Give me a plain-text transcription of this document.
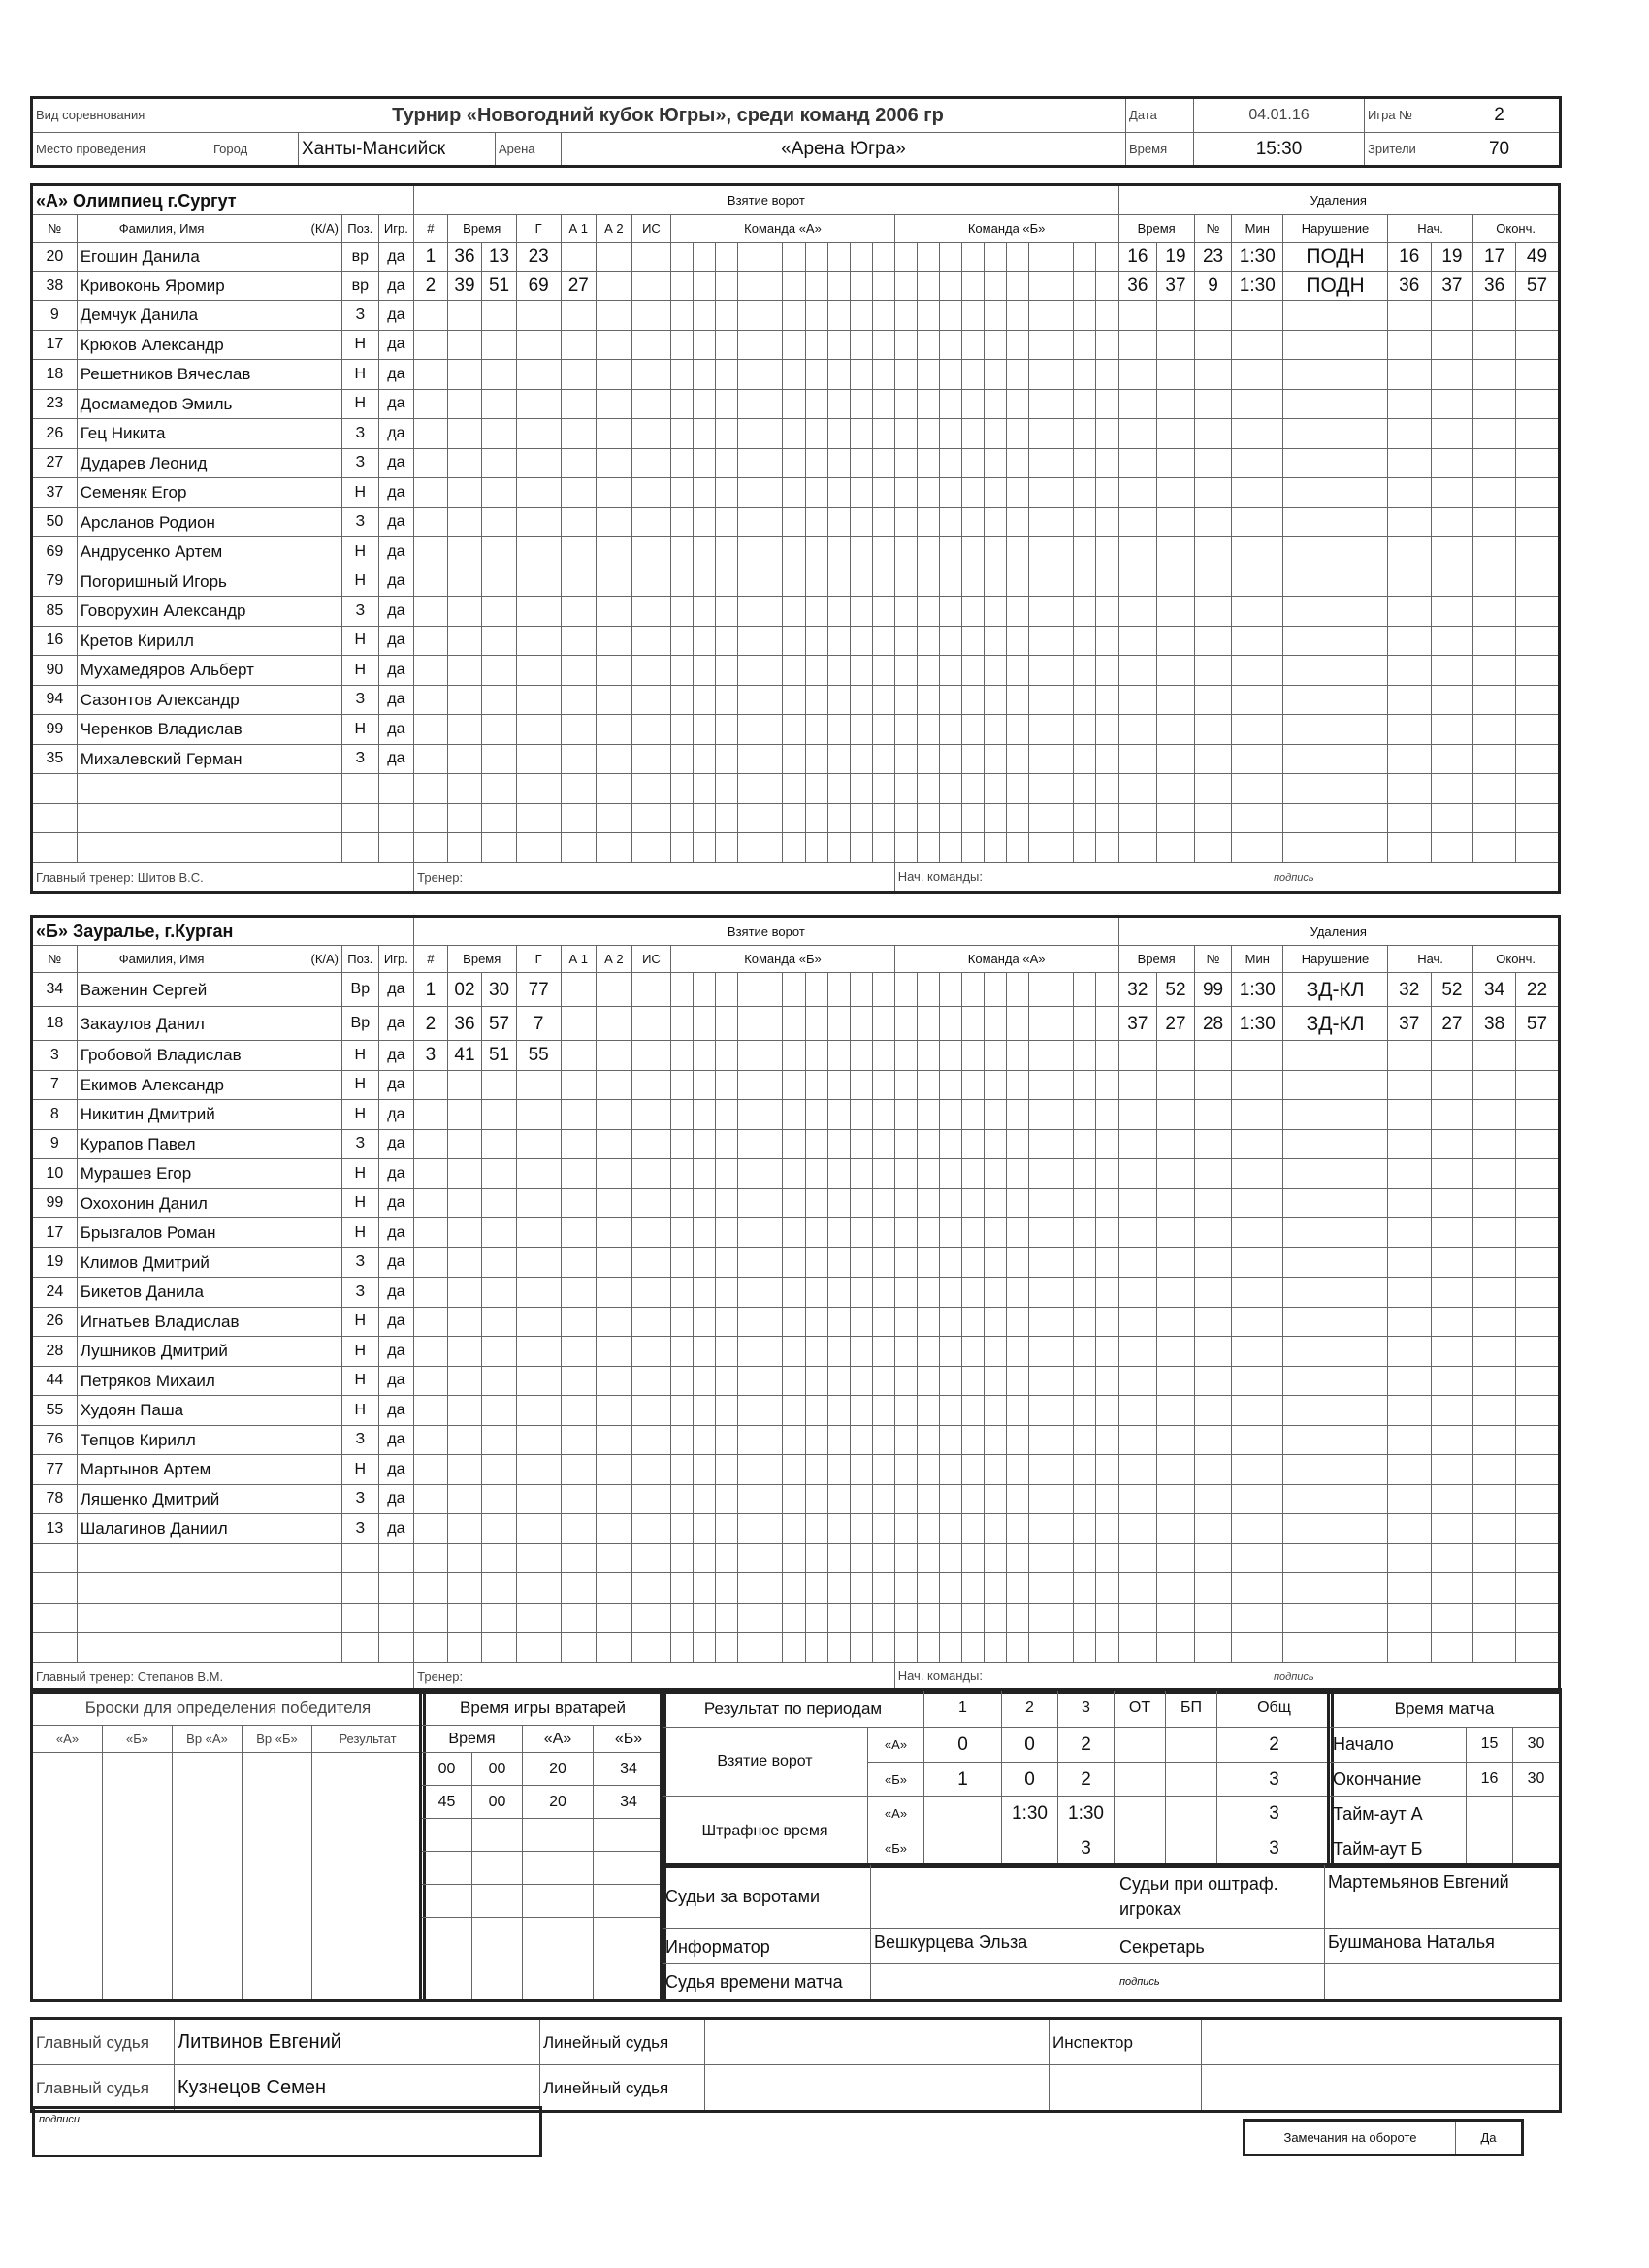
Вид соревнования	Турнир «Новогодний кубок Югры», среди команд 2006 гр				Дата	04.01.16	Игра №	2
Место проведения	Город	Ханты-Мансийск	Арена	«Арена Югра»	Время	15:30	Зрители	70
«А» Олимпиец г.Сургут				Взятие ворот																											Удаления								
№	Фамилия, Имя (К/А)	Поз.	Игр.	#	Время		Г	А 1	А 2	ИС	Команда «А»										Команда «Б»										Время		№	Мин	Нарушение	Нач.		Оконч.	
20	Егошин Данила	вр	да	1	36	13	23																								16	19	23	1:30	ПОДН	16	19	17	49
38	Кривоконь Яромир	вр	да	2	39	51	69	27																							36	37	9	1:30	ПОДН	36	37	36	57
9	Демчук Данила	З	да																																				
17	Крюков Александр	Н	да																																				
18	Решетников Вячеслав	Н	да																																				
23	Досмамедов Эмиль	Н	да																																				
26	Гец Никита	З	да																																				
27	Дударев Леонид	З	да																																				
37	Семеняк Егор	Н	да																																				
50	Арсланов Родион	З	да																																				
69	Андрусенко Артем	Н	да																																				
79	Погоришный Игорь	Н	да																																				
85	Говорухин Александр	З	да																																				
16	Кретов Кирилл	Н	да																																				
90	Мухамедяров Альберт	Н	да																																				
94	Сазонтов Александр	З	да																																				
99	Черенков Владислав	Н	да																																				
35	Михалевский Герман	З	да																																				

Главный тренер: Шитов В.С.				Тренер:																	Нач. команды: подпись																		
«Б» Зауралье, г.Курган				Взятие ворот																											Удаления								
№	Фамилия, Имя (К/А)	Поз.	Игр.	#	Время		Г	А 1	А 2	ИС	Команда «Б»										Команда «А»										Время		№	Мин	Нарушение	Нач.		Оконч.	
34	Важенин Сергей	Вр	да	1	02	30	77																								32	52	99	1:30	ЗД-КЛ	32	52	34	22
18	Закаулов Данил	Вр	да	2	36	57	7																								37	27	28	1:30	ЗД-КЛ	37	27	38	57
3	Гробовой Владислав	Н	да	3	41	51	55																																
7	Екимов Александр	Н	да																																				
8	Никитин Дмитрий	Н	да																																				
9	Курапов Павел	З	да																																				
10	Мурашев Егор	Н	да																																				
99	Охохонин Данил	Н	да																																				
17	Брызгалов Роман	Н	да																																				
19	Климов Дмитрий	З	да																																				
24	Бикетов Данила	З	да																																				
26	Игнатьев Владислав	Н	да																																				
28	Лушников Дмитрий	Н	да																																				
44	Петряков Михаил	Н	да																																				
55	Худоян Паша	Н	да																																				
76	Тепцов Кирилл	З	да																																				
77	Мартынов Артем	Н	да																																				
78	Ляшенко Дмитрий	З	да																																				
13	Шалагинов Даниил	З	да																																				

Главный тренер: Степанов В.М.				Тренер:																	Нач. команды: подпись																		
Броски для определения победителя				
«А»	«Б»	Вр «А»	Вр «Б»	Результат

Время игры вратарей			
Время		«А»	«Б»
00	00	20	34
45	00	20	34

Результат по периодам		1	2	3	ОТ	БП	Общ
Взятие ворот	«А»	0	0	2			2
	«Б»	1	0	2			3
Штрафное время	«А»		1:30	1:30			3
	«Б»			3			3
Время матча		
Начало	15	30
Окончание	16	30
Тайм-аут А		
Тайм-аут Б		
Судьи за воротами		Судьи при оштраф. игроках	Мартемьянов Евгений
Информатор	Вешкурцева Эльза	Секретарь	Бушманова Наталья
Судья времени матча		подпись	
Главный судья	Литвинов Евгений	Линейный судья		Инспектор	
Главный судья	Кузнецов Семен	Линейный судья			
подписи
Замечания на обороте	Да
